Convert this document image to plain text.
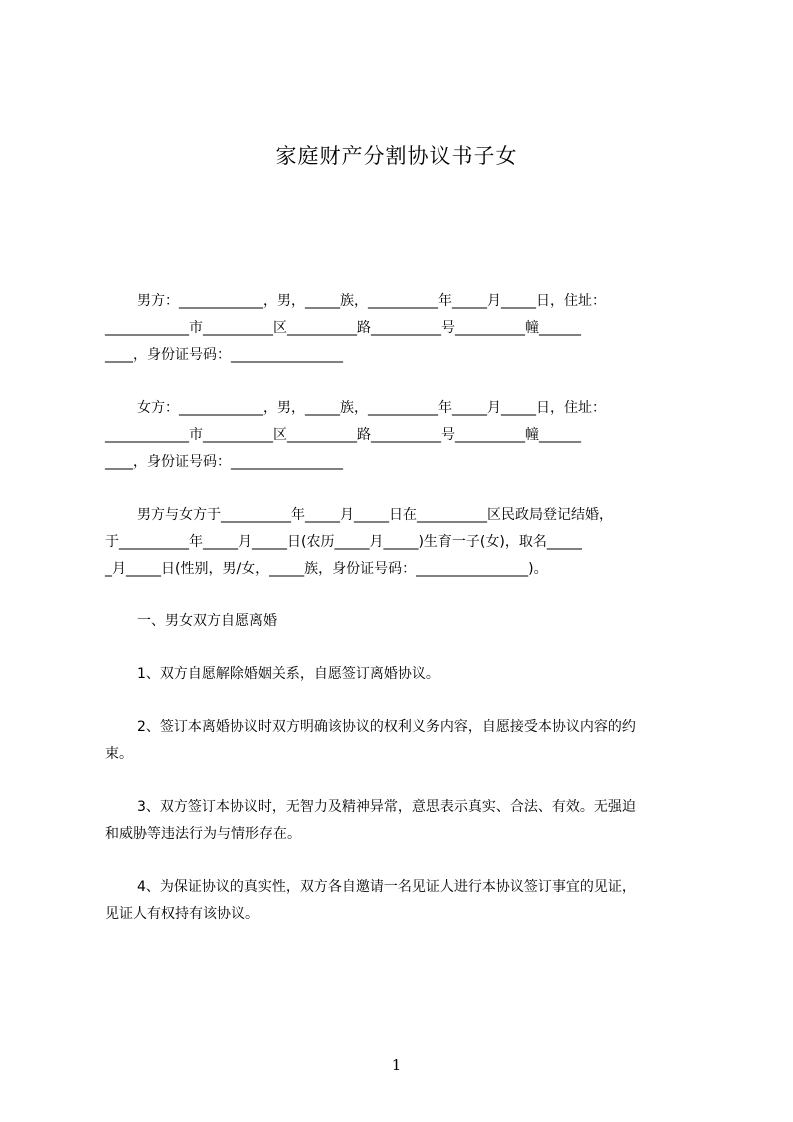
家庭财产分割协议书子女
男方：____________，男，_____族，__________年_____月_____日，住址：
____________市__________区__________路__________号__________幢______
____，身份证号码：________________
女方：____________，男，_____族，__________年_____月_____日，住址：
____________市__________区__________路__________号__________幢______
____，身份证号码：________________
男方与女方于__________年_____月_____日在__________区民政局登记结婚，
于__________年_____月_____日(农历_____月_____)生育一子(女)，取名_____
_月_____日(性别，男/女，_____族，身份证号码：________________)。
一、男女双方自愿离婚
1、双方自愿解除婚姻关系，自愿签订离婚协议。
2、签订本离婚协议时双方明确该协议的权利义务内容，自愿接受本协议内容的约
束。
3、双方签订本协议时，无智力及精神异常，意思表示真实、合法、有效。无强迫
和威胁等违法行为与情形存在。
4、为保证协议的真实性，双方各自邀请一名见证人进行本协议签订事宜的见证，
见证人有权持有该协议。
1
